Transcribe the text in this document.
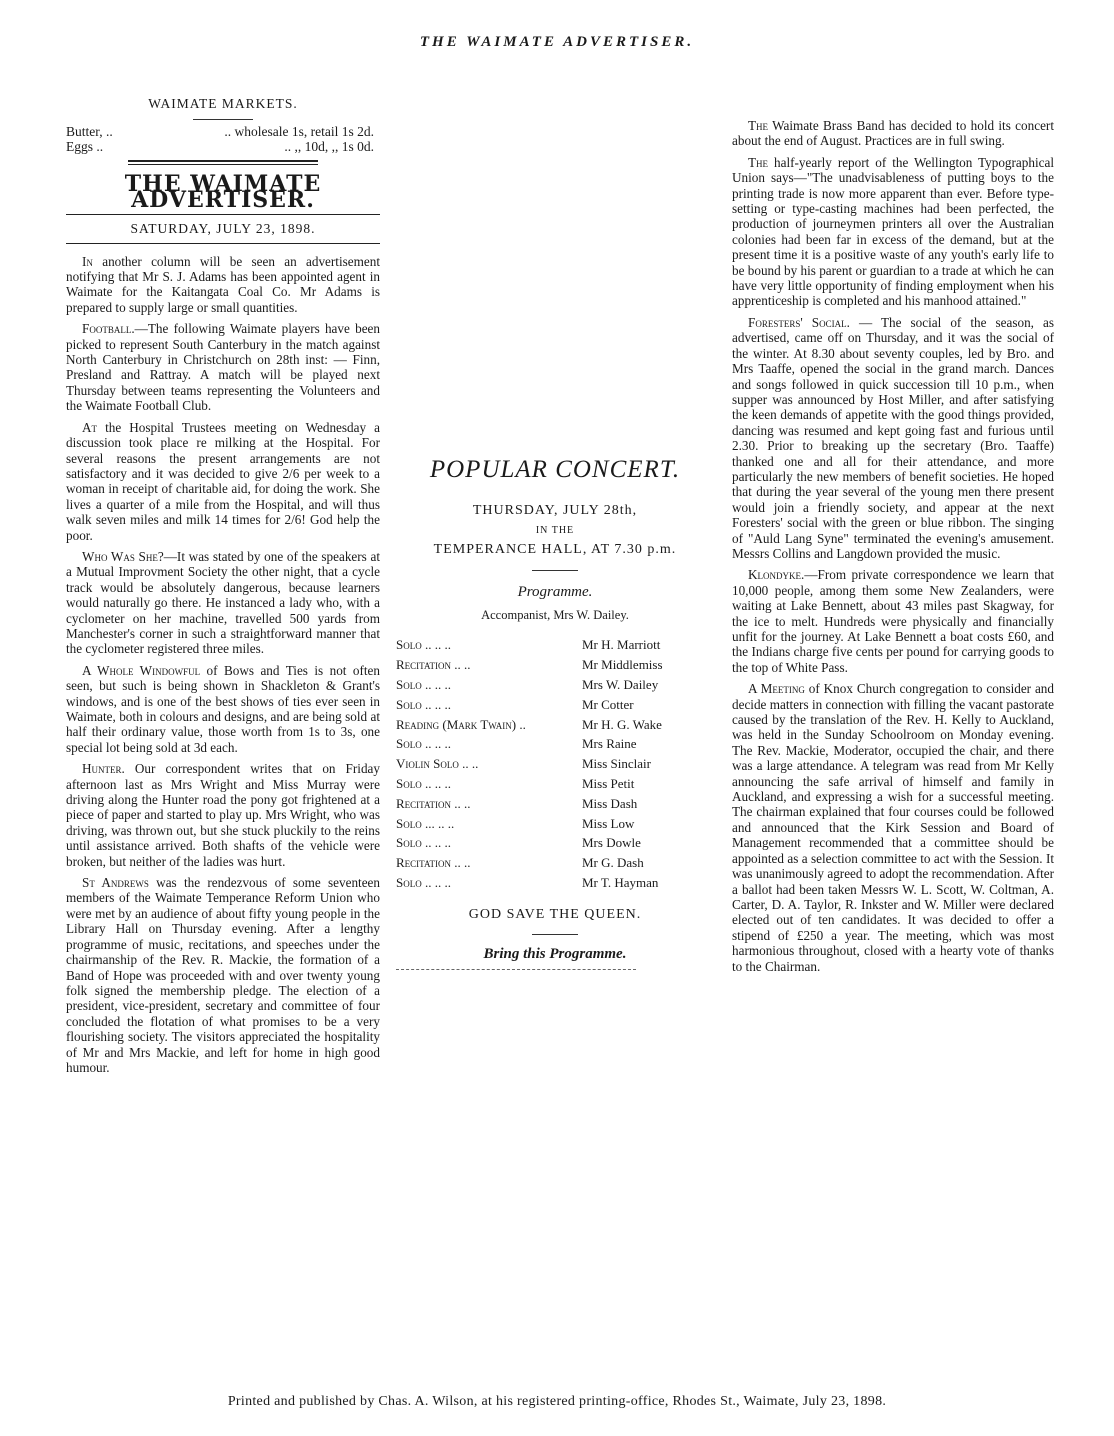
THE WAIMATE ADVERTISER.
WAIMATE MARKETS.
Butter, ..	.. wholesale 1s, retail 1s 2d.
Eggs ..	.. ,, 10d, ,, 1s 0d.
THE WAIMATE ADVERTISER.
SATURDAY, JULY 23, 1898.

In another column will be seen an advertisement notifying that Mr S. J. Adams has been appointed agent in Waimate for the Kaitangata Coal Co. Mr Adams is prepared to supply large or small quantities.

Football.—The following Waimate players have been picked to represent South Canterbury in the match against North Canterbury in Christchurch on 28th inst: — Finn, Presland and Rattray. A match will be played next Thursday between teams representing the Volunteers and the Waimate Football Club.

At the Hospital Trustees meeting on Wednesday a discussion took place re milking at the Hospital. For several reasons the present arrangements are not satisfactory and it was decided to give 2/6 per week to a woman in receipt of charitable aid, for doing the work. She lives a quarter of a mile from the Hospital, and will thus walk seven miles and milk 14 times for 2/6! God help the poor.

Who Was She?—It was stated by one of the speakers at a Mutual Improvment Society the other night, that a cycle track would be absolutely dangerous, because learners would naturally go there. He instanced a lady who, with a cyclometer on her machine, travelled 500 yards from Manchester's corner in such a straightforward manner that the cyclometer registered three miles.

A Whole Windowful of Bows and Ties is not often seen, but such is being shown in Shackleton & Grant's windows, and is one of the best shows of ties ever seen in Waimate, both in colours and designs, and are being sold at half their ordinary value, those worth from 1s to 3s, one special lot being sold at 3d each.

Hunter. Our correspondent writes that on Friday afternoon last as Mrs Wright and Miss Murray were driving along the Hunter road the pony got frightened at a piece of paper and started to play up. Mrs Wright, who was driving, was thrown out, but she stuck pluckily to the reins until assistance arrived. Both shafts of the vehicle were broken, but neither of the ladies was hurt.

St Andrews was the rendezvous of some seventeen members of the Waimate Temperance Reform Union who were met by an audience of about fifty young people in the Library Hall on Thursday evening. After a lengthy programme of music, recitations, and speeches under the chairmanship of the Rev. R. Mackie, the formation of a Band of Hope was proceeded with and over twenty young folk signed the membership pledge. The election of a president, vice-president, secretary and committee of four concluded the flotation of what promises to be a very flourishing society. The visitors appreciated the hospitality of Mr and Mrs Mackie, and left for home in high good humour.

POPULAR CONCERT.
THURSDAY, JULY 28th,
IN THE
TEMPERANCE HALL, AT 7.30 p.m.
Programme.
Accompanist, Mrs W. Dailey.
Solo .. .. ..	Mr H. Marriott
Recitation .. ..	Mr Middlemiss
Solo .. .. ..	Mrs W. Dailey
Solo .. .. ..	Mr Cotter
Reading (Mark Twain) ..	Mr H. G. Wake
Solo .. .. ..	Mrs Raine
Violin Solo .. ..	Miss Sinclair
Solo .. .. ..	Miss Petit
Recitation .. ..	Miss Dash
Solo ... .. ..	Miss Low
Solo .. .. ..	Mrs Dowle
Recitation .. ..	Mr G. Dash
Solo .. .. ..	Mr T. Hayman
GOD SAVE THE QUEEN.
Bring this Programme.

The Waimate Brass Band has decided to hold its concert about the end of August. Practices are in full swing.

The half-yearly report of the Wellington Typographical Union says—"The unadvisableness of putting boys to the printing trade is now more apparent than ever. Before type-setting or type-casting machines had been perfected, the production of journeymen printers all over the Australian colonies had been far in excess of the demand, but at the present time it is a positive waste of any youth's early life to be bound by his parent or guardian to a trade at which he can have very little opportunity of finding employment when his apprenticeship is completed and his manhood attained."

Foresters' Social. — The social of the season, as advertised, came off on Thursday, and it was the social of the winter. At 8.30 about seventy couples, led by Bro. and Mrs Taaffe, opened the social in the grand march. Dances and songs followed in quick succession till 10 p.m., when supper was announced by Host Miller, and after satisfying the keen demands of appetite with the good things provided, dancing was resumed and kept going fast and furious until 2.30. Prior to breaking up the secretary (Bro. Taaffe) thanked one and all for their attendance, and more particularly the new members of benefit societies. He hoped that during the year several of the young men there present would join a friendly society, and appear at the next Foresters' social with the green or blue ribbon. The singing of "Auld Lang Syne" terminated the evening's amusement. Messrs Collins and Langdown provided the music.

Klondyke.—From private correspondence we learn that 10,000 people, among them some New Zealanders, were waiting at Lake Bennett, about 43 miles past Skagway, for the ice to melt. Hundreds were physically and financially unfit for the journey. At Lake Bennett a boat costs £60, and the Indians charge five cents per pound for carrying goods to the top of White Pass.

A Meeting of Knox Church congregation to consider and decide matters in connection with filling the vacant pastorate caused by the translation of the Rev. H. Kelly to Auckland, was held in the Sunday Schoolroom on Monday evening. The Rev. Mackie, Moderator, occupied the chair, and there was a large attendance. A telegram was read from Mr Kelly announcing the safe arrival of himself and family in Auckland, and expressing a wish for a successful meeting. The chairman explained that four courses could be followed and announced that the Kirk Session and Board of Management recommended that a committee should be appointed as a selection committee to act with the Session. It was unanimously agreed to adopt the recommendation. After a ballot had been taken Messrs W. L. Scott, W. Coltman, A. Carter, D. A. Taylor, R. Inkster and W. Miller were declared elected out of ten candidates. It was decided to offer a stipend of £250 a year. The meeting, which was most harmonious throughout, closed with a hearty vote of thanks to the Chairman.

Printed and published by Chas. A. Wilson, at his registered printing-office, Rhodes St., Waimate, July 23, 1898.
